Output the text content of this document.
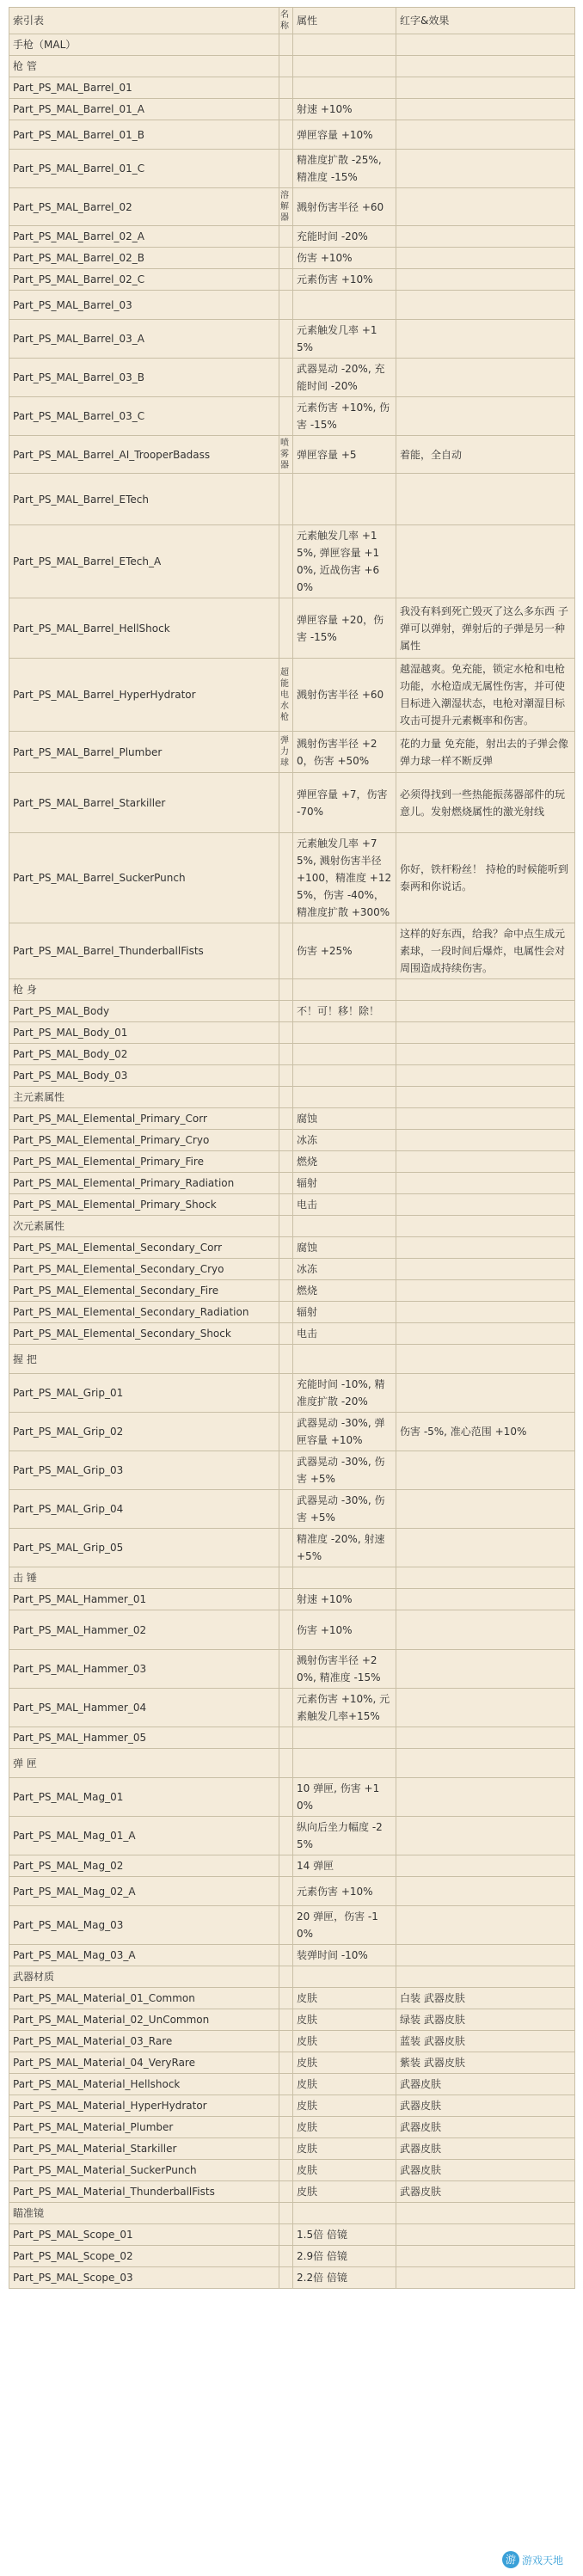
索引表	名称	属性	红字&效果
手枪（MAL）			
枪 管			
Part_PS_MAL_Barrel_01			
Part_PS_MAL_Barrel_01_A		射速 +10%	
Part_PS_MAL_Barrel_01_B		弹匣容量 +10%	
Part_PS_MAL_Barrel_01_C		精准度扩散 -25%, 精准度 -15%	
Part_PS_MAL_Barrel_02	溶解器	溅射伤害半径 +60	
Part_PS_MAL_Barrel_02_A		充能时间 -20%	
Part_PS_MAL_Barrel_02_B		伤害 +10%	
Part_PS_MAL_Barrel_02_C		元素伤害 +10%	
Part_PS_MAL_Barrel_03			
Part_PS_MAL_Barrel_03_A		元素触发几率 +15%	
Part_PS_MAL_Barrel_03_B		武器晃动 -20%, 充能时间 -20%	
Part_PS_MAL_Barrel_03_C		元素伤害 +10%, 伤害 -15%	
Part_PS_MAL_Barrel_AI_TrooperBadass	喷雾器	弹匣容量 +5	着能，全自动
Part_PS_MAL_Barrel_ETech			
Part_PS_MAL_Barrel_ETech_A		元素触发几率 +15%, 弹匣容量 +10%, 近战伤害 +60%	
Part_PS_MAL_Barrel_HellShock		弹匣容量 +20，伤害 -15%	我没有料到死亡毁灭了这么多东西 子弹可以弹射，弹射后的子弹是另一种属性
Part_PS_MAL_Barrel_HyperHydrator	超能电水枪	溅射伤害半径 +60	越湿越爽。免充能，锁定水枪和电枪功能，水枪造成无属性伤害，并可使目标进入潮湿状态，电枪对潮湿目标攻击可提升元素概率和伤害。
Part_PS_MAL_Barrel_Plumber	弹力球	溅射伤害半径 +20，伤害 +50%	花的力量 免充能，射出去的子弹会像弹力球一样不断反弹
Part_PS_MAL_Barrel_Starkiller		弹匣容量 +7，伤害 -70%	必须得找到一些热能振荡器部件的玩意儿。发射燃烧属性的激光射线
Part_PS_MAL_Barrel_SuckerPunch		元素触发几率 +75%, 溅射伤害半径 +100，精准度 +125%，伤害 -40%，精准度扩散 +300%	你好，铁杆粉丝！ 持枪的时候能听到泰两和你说话。
Part_PS_MAL_Barrel_ThunderballFists		伤害 +25%	这样的好东西，给我？命中点生成元素球，一段时间后爆炸，电属性会对周围造成持续伤害。
枪 身			
Part_PS_MAL_Body		不！可！移！除！	
Part_PS_MAL_Body_01			
Part_PS_MAL_Body_02			
Part_PS_MAL_Body_03			
主元素属性			
Part_PS_MAL_Elemental_Primary_Corr		腐蚀	
Part_PS_MAL_Elemental_Primary_Cryo		冰冻	
Part_PS_MAL_Elemental_Primary_Fire		燃烧	
Part_PS_MAL_Elemental_Primary_Radiation		辐射	
Part_PS_MAL_Elemental_Primary_Shock		电击	
次元素属性			
Part_PS_MAL_Elemental_Secondary_Corr		腐蚀	
Part_PS_MAL_Elemental_Secondary_Cryo		冰冻	
Part_PS_MAL_Elemental_Secondary_Fire		燃烧	
Part_PS_MAL_Elemental_Secondary_Radiation		辐射	
Part_PS_MAL_Elemental_Secondary_Shock		电击	
握 把			
Part_PS_MAL_Grip_01		充能时间 -10%, 精准度扩散 -20%	
Part_PS_MAL_Grip_02		武器晃动 -30%, 弹匣容量 +10%	伤害 -5%, 准心范围 +10%
Part_PS_MAL_Grip_03		武器晃动 -30%, 伤害 +5%	
Part_PS_MAL_Grip_04		武器晃动 -30%, 伤害 +5%	
Part_PS_MAL_Grip_05		精准度 -20%, 射速 +5%	
击 锤			
Part_PS_MAL_Hammer_01		射速 +10%	
Part_PS_MAL_Hammer_02		伤害 +10%	
Part_PS_MAL_Hammer_03		溅射伤害半径 +20%, 精准度 -15%	
Part_PS_MAL_Hammer_04		元素伤害 +10%, 元素触发几率+15%	
Part_PS_MAL_Hammer_05			
弹 匣			
Part_PS_MAL_Mag_01		10 弹匣, 伤害 +10%	
Part_PS_MAL_Mag_01_A		纵向后坐力幅度 -25%	
Part_PS_MAL_Mag_02		14 弹匣	
Part_PS_MAL_Mag_02_A		元素伤害 +10%	
Part_PS_MAL_Mag_03		20 弹匣，伤害 -10%	
Part_PS_MAL_Mag_03_A		装弹时间 -10%	
武器材质			
Part_PS_MAL_Material_01_Common		皮肤	白装 武器皮肤
Part_PS_MAL_Material_02_UnCommon		皮肤	绿装 武器皮肤
Part_PS_MAL_Material_03_Rare		皮肤	蓝装 武器皮肤
Part_PS_MAL_Material_04_VeryRare		皮肤	紫装 武器皮肤
Part_PS_MAL_Material_Hellshock		皮肤	武器皮肤
Part_PS_MAL_Material_HyperHydrator		皮肤	武器皮肤
Part_PS_MAL_Material_Plumber		皮肤	武器皮肤
Part_PS_MAL_Material_Starkiller		皮肤	武器皮肤
Part_PS_MAL_Material_SuckerPunch		皮肤	武器皮肤
Part_PS_MAL_Material_ThunderballFists		皮肤	武器皮肤
瞄准镜			
Part_PS_MAL_Scope_01		1.5倍 倍镜	
Part_PS_MAL_Scope_02		2.9倍 倍镜	
Part_PS_MAL_Scope_03		2.2倍 倍镜	
游 游戏天地
